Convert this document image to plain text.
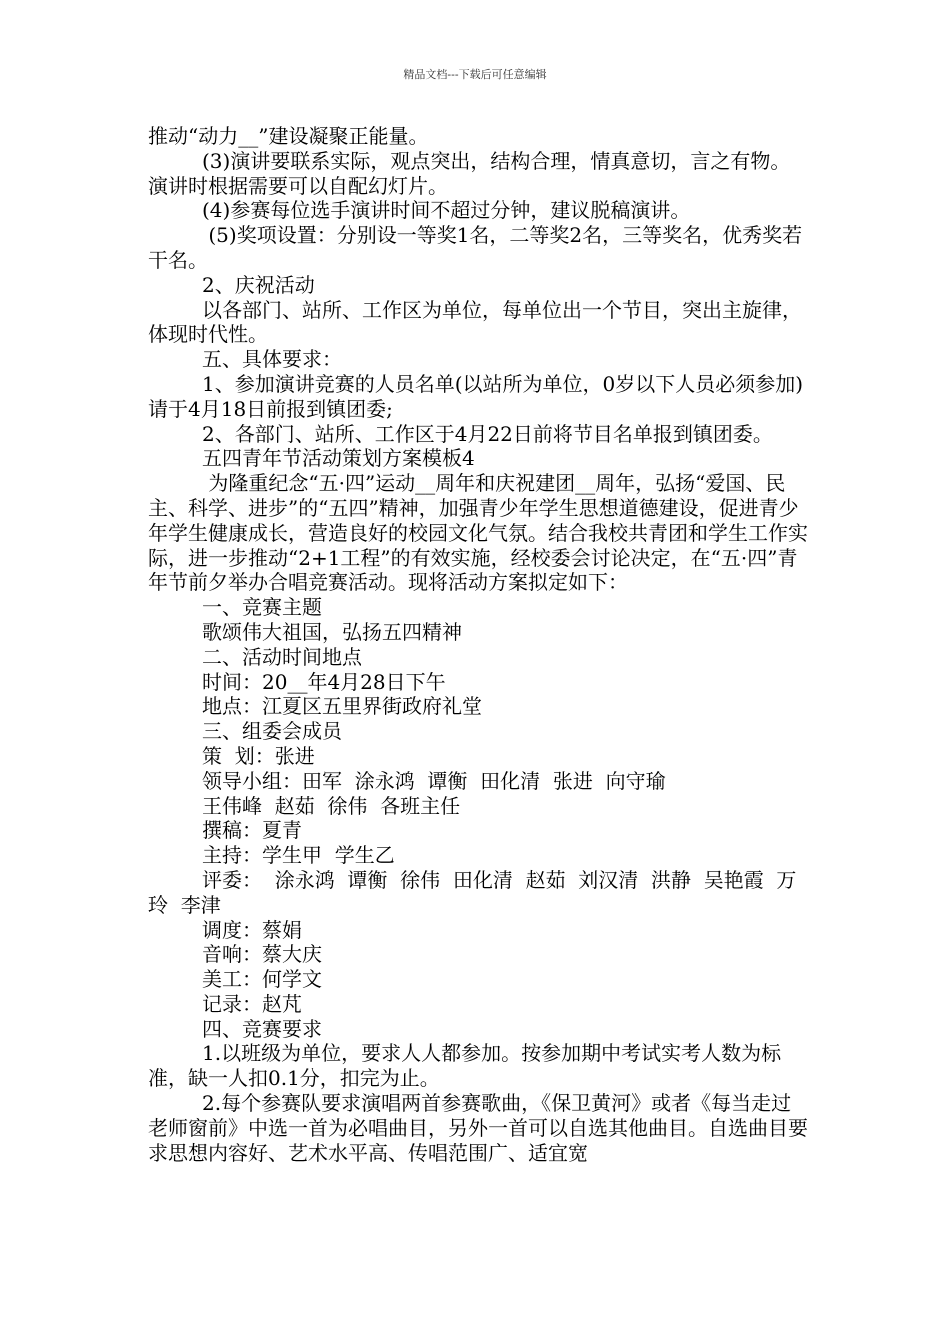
精品文档---下载后可任意编辑

推动“动力__”建设凝聚正能量。

(3)演讲要联系实际，观点突出，结构合理，情真意切，言之有物。演讲时根据需要可以自配幻灯片。

(4)参赛每位选手演讲时间不超过分钟，建议脱稿演讲。

(5)奖项设置：分别设一等奖1名，二等奖2名，三等奖名，优秀奖若干名。

2、庆祝活动

以各部门、站所、工作区为单位，每单位出一个节目，突出主旋律，体现时代性。

五、具体要求：

1、参加演讲竞赛的人员名单(以站所为单位，0岁以下人员必须参加)请于4月18日前报到镇团委;

2、各部门、站所、工作区于4月22日前将节目名单报到镇团委。

五四青年节活动策划方案模板4

为隆重纪念“五·四”运动__周年和庆祝建团__周年，弘扬“爱国、民主、科学、进步”的“五四”精神，加强青少年学生思想道德建设，促进青少年学生健康成长，营造良好的校园文化气氛。结合我校共青团和学生工作实际，进一步推动“2+1工程”的有效实施，经校委会讨论决定，在“五·四”青年节前夕举办合唱竞赛活动。现将活动方案拟定如下：

一、竞赛主题

歌颂伟大祖国，弘扬五四精神

二、活动时间地点

时间：20__年4月28日下午

地点：江夏区五里界街政府礼堂

三、组委会成员

策  划：张进

领导小组：田军  涂永鸿  谭衡  田化清  张进  向守瑜

王伟峰  赵茹  徐伟  各班主任

撰稿：夏青

主持：学生甲  学生乙

评委：  涂永鸿  谭衡  徐伟  田化清  赵茹  刘汉清  洪静  吴艳霞  万玲  李津

调度：蔡娟

音响：蔡大庆

美工：何学文

记录：赵芃

四、竞赛要求

1.以班级为单位，要求人人都参加。按参加期中考试实考人数为标准，缺一人扣0.1分，扣完为止。

2.每个参赛队要求演唱两首参赛歌曲，《保卫黄河》或者《每当走过老师窗前》中选一首为必唱曲目，另外一首可以自选其他曲目。自选曲目要求思想内容好、艺术水平高、传唱范围广、适宜宽
